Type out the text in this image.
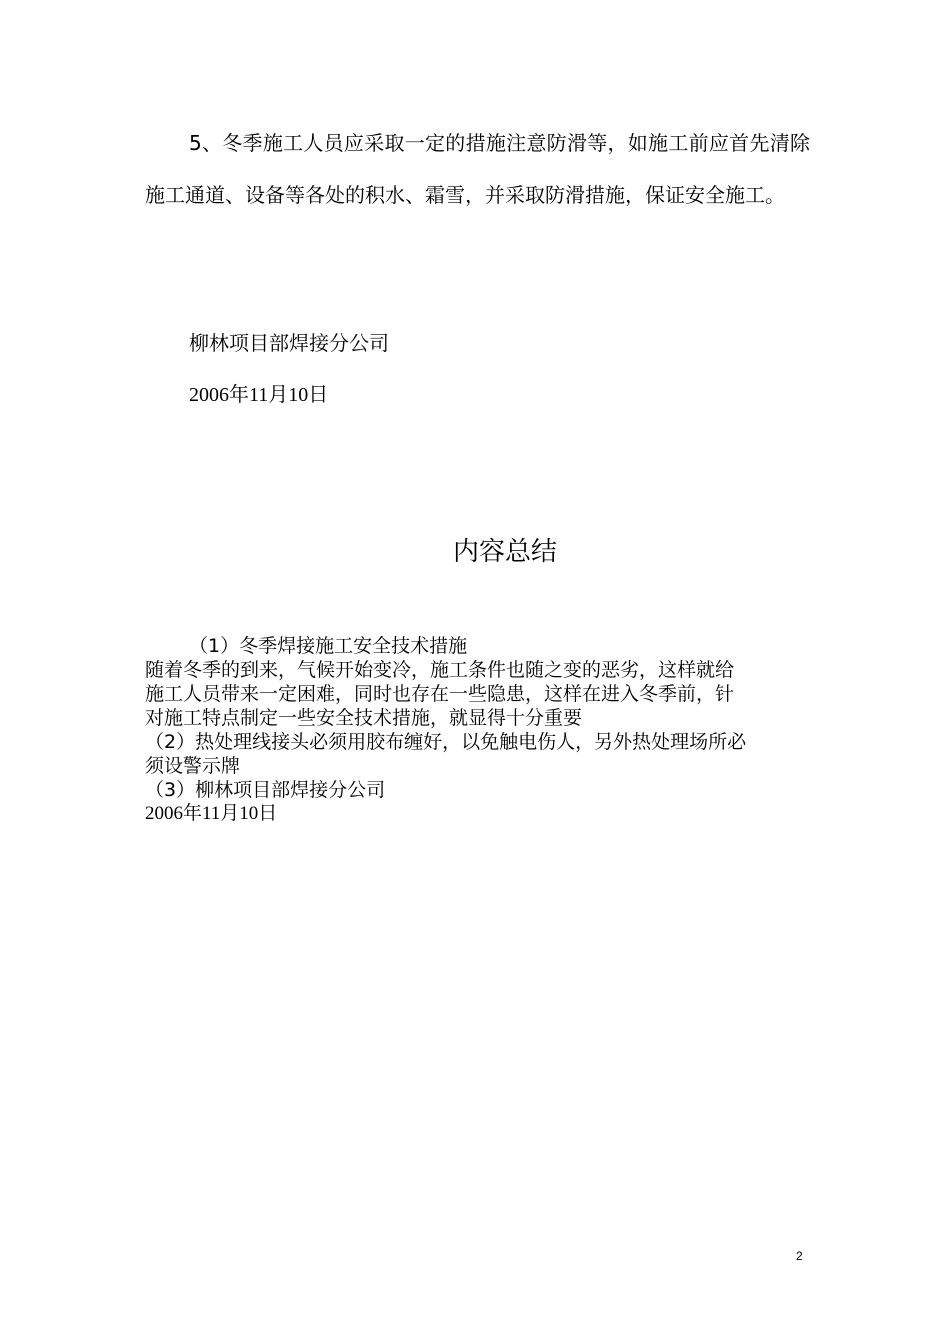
5、冬季施工人员应采取一定的措施注意防滑等，如施工前应首先清除施工通道、设备等各处的积水、霜雪，并采取防滑措施，保证安全施工。

柳林项目部焊接分公司
2006年11月10日
内容总结
（1）冬季焊接施工安全技术措施
随着冬季的到来，气候开始变冷，施工条件也随之变的恶劣，这样就给
施工人员带来一定困难，同时也存在一些隐患，这样在进入冬季前，针
对施工特点制定一些安全技术措施，就显得十分重要
（2）热处理线接头必须用胶布缠好，以免触电伤人，另外热处理场所必
须设警示牌
（3）柳林项目部焊接分公司
2006年11月10日
2
